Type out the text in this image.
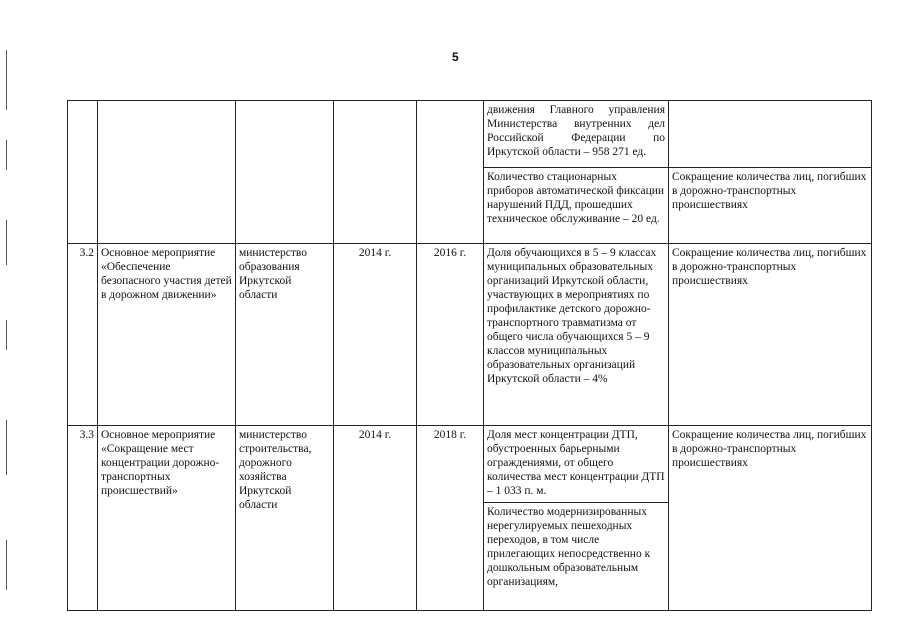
5

					движения Главного управления
Министерства внутренних дел
Российской Федерации по
Иркутской области – 958 271 ед.	

					Количество стационарных приборов автоматической фиксации нарушений ПДД, прошедших техническое обслуживание – 20 ед.	Сокращение количества лиц, погибших в дорожно-транспортных происшествиях
3.2	Основное мероприятие «Обеспечение безопасного участия детей в дорожном движении»	министерство образования Иркутской области	2014 г.	2016 г.	Доля обучающихся в 5 – 9 классах муниципальных образовательных организаций Иркутской области, участвующих в мероприятиях по профилактике детского дорожно-транспортного травматизма от общего числа обучающихся 5 – 9 классов муниципальных образовательных организаций Иркутской области – 4%	Сокращение количества лиц, погибших в дорожно-транспортных происшествиях
3.3	Основное мероприятие «Сокращение мест концентрации дорожно-транспортных происшествий»	министерство строительства, дорожного хозяйства Иркутской области	2014 г.	2018 г.	Доля мест концентрации ДТП, обустроенных барьерными ограждениями, от общего количества мест концентрации ДТП – 1 033 п. м.	Сокращение количества лиц, погибших в дорожно-транспортных происшествиях
					Количество модернизированных нерегулируемых пешеходных переходов, в том числе прилегающих непосредственно к дошкольным образовательным организациям,	
